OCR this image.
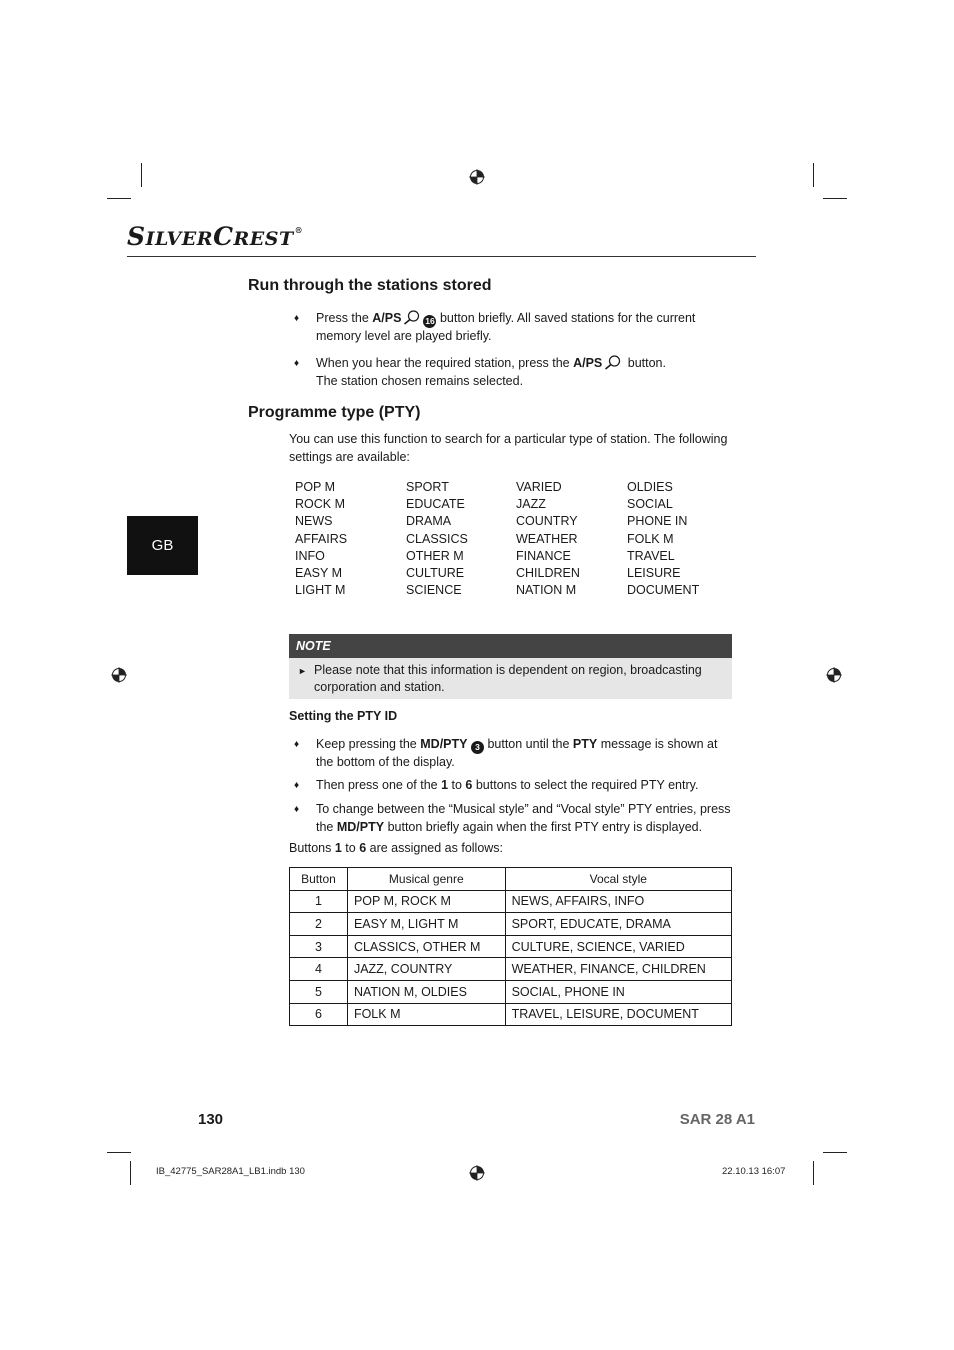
SILVERCREST®
GB
Run through the stations stored
♦ Press the A/PS	16 button briefly. All saved stations for the current
memory level are played briefly.
♦ When you hear the required station, press the A/PS button.
The station chosen remains selected.
Programme type (PTY)
You can use this function to search for a particular type of station. The following
settings are available:
POP M	SPORT	VARIED	OLDIES
ROCK M	EDUCATE	JAZZ	SOCIAL
NEWS	DRAMA	COUNTRY	PHONE IN
AFFAIRS	CLASSICS	WEATHER	FOLK M
INFO	OTHER M	FINANCE	TRAVEL
EASY M	CULTURE	CHILDREN	LEISURE
LIGHT M	SCIENCE	NATION M	DOCUMENT
NOTE
► Please note that this information is dependent on region, broadcasting
corporation and station.
Setting the PTY ID
♦ Keep pressing the MD/PTY 3 button until the PTY message is shown at
the bottom of the display.
♦ Then press one of the 1 to 6 buttons to select the required PTY entry.
♦ To change between the “Musical style” and “Vocal style” PTY entries, press
the MD/PTY button briefly again when the first PTY entry is displayed.
Buttons 1 to 6 are assigned as follows:
Button	Musical genre	Vocal style
1	POP M, ROCK M	NEWS, AFFAIRS, INFO
2	EASY M, LIGHT M	SPORT, EDUCATE, DRAMA
3	CLASSICS, OTHER M	CULTURE, SCIENCE, VARIED
4	JAZZ, COUNTRY	WEATHER, FINANCE, CHILDREN
5	NATION M, OLDIES	SOCIAL, PHONE IN
6	FOLK M	TRAVEL, LEISURE, DOCUMENT
130	SAR 28 A1
IB_42775_SAR28A1_LB1.indb 130	22.10.13 16:07
